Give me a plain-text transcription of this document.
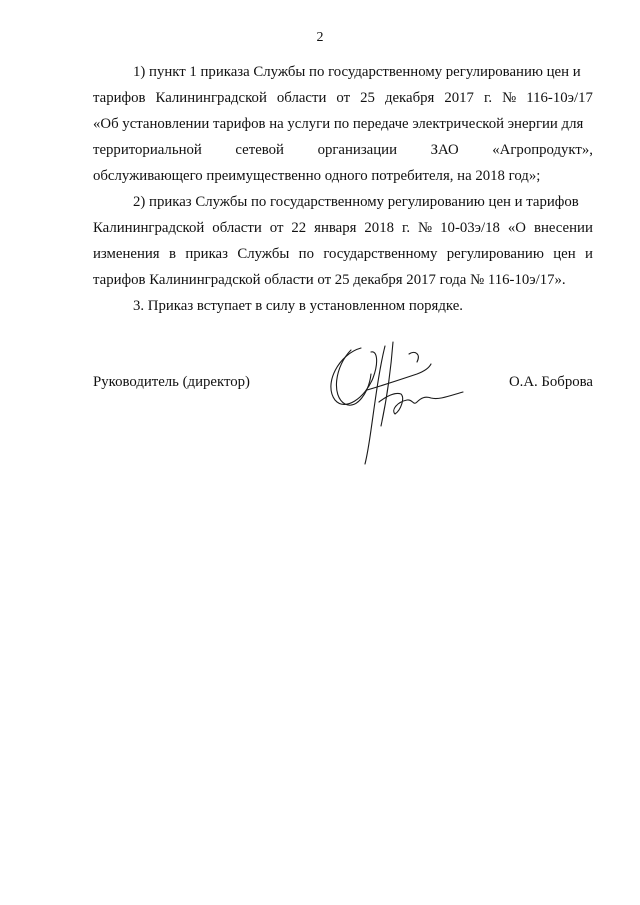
2
1) пункт 1 приказа Службы по государственному регулированию цен и
тарифов Калининградской области от 25 декабря 2017 г. № 116-10э/17
«Об установлении тарифов на услуги по передаче электрической энергии для
территориальной сетевой организации ЗАО «Агропродукт»,
обслуживающего преимущественно одного потребителя, на 2018 год»;
2) приказ Службы по государственному регулированию цен и тарифов
Калининградской области от 22 января 2018 г. № 10-03э/18 «О внесении
изменения в приказ Службы по государственному регулированию цен и
тарифов Калининградской области от 25 декабря 2017 года № 116-10э/17».
3. Приказ вступает в силу в установленном порядке.
Руководитель (директор)	О.А. Боброва
